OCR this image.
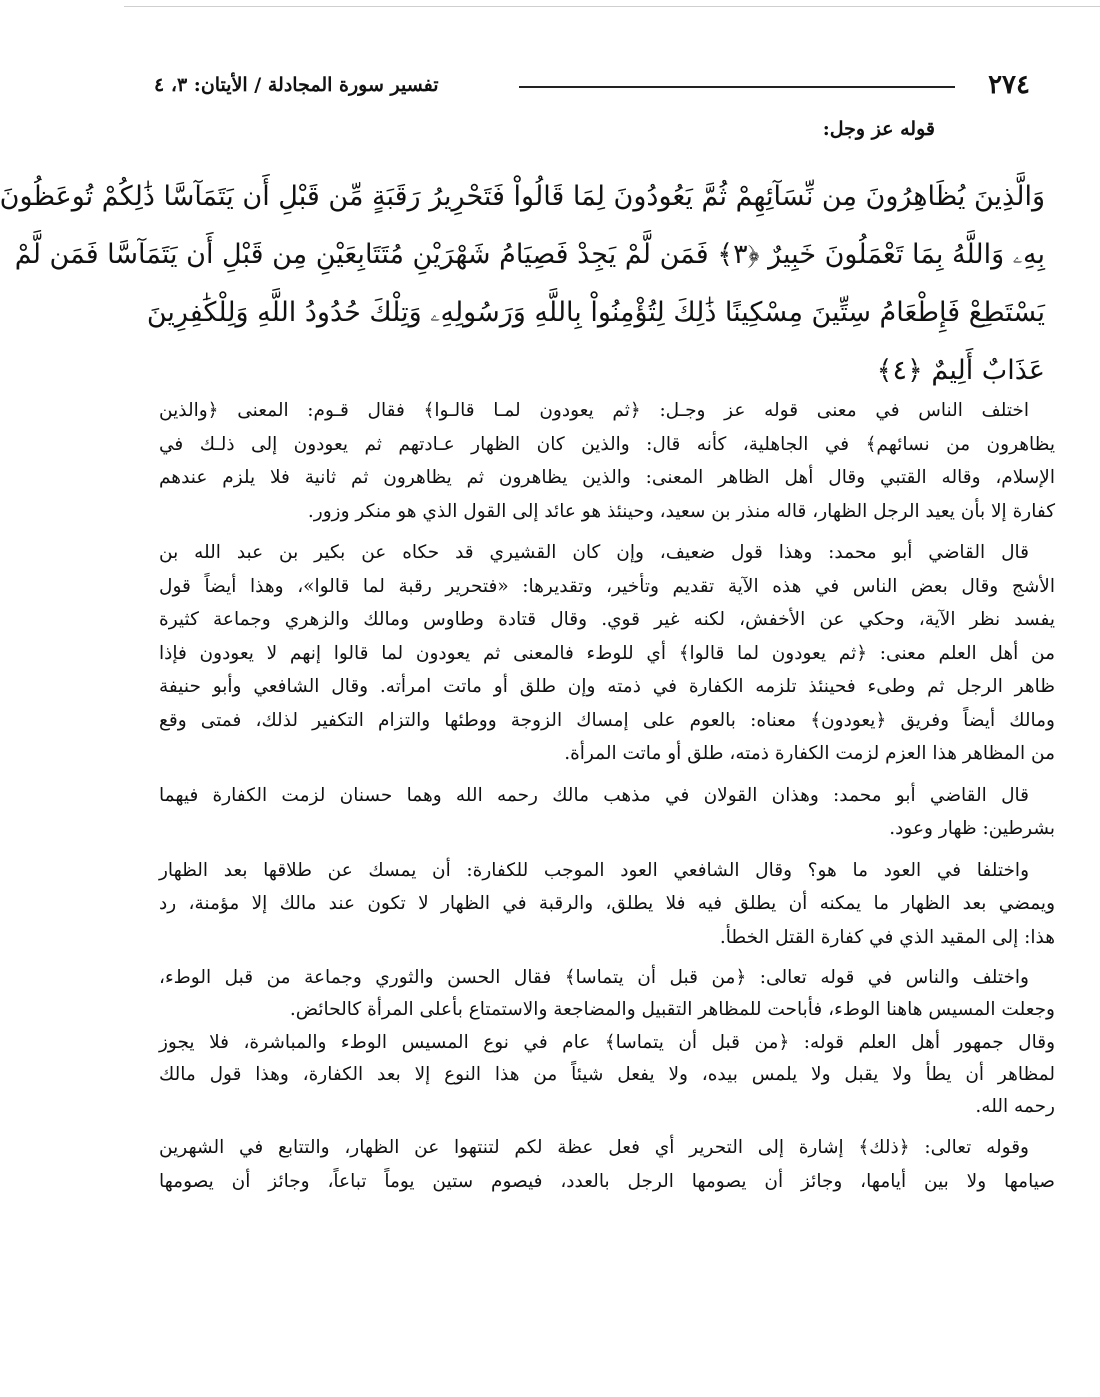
٢٧٤
تفسير سورة المجادلة / الأيتان: ٣، ٤
قوله عز وجل:

وَالَّذِينَ يُظَاهِرُونَ مِن نِّسَآئِهِمْ ثُمَّ يَعُودُونَ لِمَا قَالُواْ فَتَحْرِيرُ رَقَبَةٍ مِّن قَبْلِ أَن يَتَمَآسَّا ذَٰلِكُمْ تُوعَظُونَ

بِهِۦ وَاللَّهُ بِمَا تَعْمَلُونَ خَبِيرٌ ﴿٣﴾ فَمَن لَّمْ يَجِدْ فَصِيَامُ شَهْرَيْنِ مُتَتَابِعَيْنِ مِن قَبْلِ أَن يَتَمَآسَّا فَمَن لَّمْ

يَسْتَطِعْ فَإِطْعَامُ سِتِّينَ مِسْكِينًا ذَٰلِكَ لِتُؤْمِنُواْ بِاللَّهِ وَرَسُولِهِۦ وَتِلْكَ حُدُودُ اللَّهِ وَلِلْكَٰفِرِينَ

عَذَابٌ أَلِيمٌ ﴿٤﴾

اختلف الناس في معنى قوله عز وجـل: ﴿ثم يعودون لمـا قالـوا﴾ فقال قـوم: المعنى ﴿والذين

يظاهرون من نسائهم﴾ في الجاهلية، كأنه قال: والذين كان الظهار عـادتهم ثم يعودون إلى ذلـك في

الإسلام، وقاله القتبي وقال أهل الظاهر المعنى: والذين يظاهرون ثم يظاهرون ثم ثانية فلا يلزم عندهم

كفارة إلا بأن يعيد الرجل الظهار، قاله منذر بن سعيد، وحينئذ هو عائد إلى القول الذي هو منكر وزور.

قال القاضي أبو محمد: وهذا قول ضعيف، وإن كان القشيري قد حكاه عن بكير بن عبد الله بن

الأشج وقال بعض الناس في هذه الآية تقديم وتأخير، وتقديرها: «فتحرير رقبة لما قالوا»، وهذا أيضاً قول

يفسد نظر الآية، وحكي عن الأخفش، لكنه غير قوي. وقال قتادة وطاوس ومالك والزهري وجماعة كثيرة

من أهل العلم معنى: ﴿ثم يعودون لما قالوا﴾ أي للوطء فالمعنى ثم يعودون لما قالوا إنهم لا يعودون فإذا

ظاهر الرجل ثم وطىء فحينئذ تلزمه الكفارة في ذمته وإن طلق أو ماتت امرأته. وقال الشافعي وأبو حنيفة

ومالك أيضاً وفريق ﴿يعودون﴾ معناه: بالعوم على إمساك الزوجة ووطئها والتزام التكفير لذلك، فمتى وقع

من المظاهر هذا العزم لزمت الكفارة ذمته، طلق أو ماتت المرأة.

قال القاضي أبو محمد: وهذان القولان في مذهب مالك رحمه الله وهما حسنان لزمت الكفارة فيهما

بشرطين: ظهار وعود.

واختلفا في العود ما هو؟ وقال الشافعي العود الموجب للكفارة: أن يمسك عن طلاقها بعد الظهار

ويمضي بعد الظهار ما يمكنه أن يطلق فيه فلا يطلق، والرقبة في الظهار لا تكون عند مالك إلا مؤمنة، رد

هذا: إلى المقيد الذي في كفارة القتل الخطأ.

واختلف والناس في قوله تعالى: ﴿من قبل أن يتماسا﴾ فقال الحسن والثوري وجماعة من قبل الوطء،

وجعلت المسيس هاهنا الوطء، فأباحت للمظاهر التقبيل والمضاجعة والاستمتاع بأعلى المرأة كالحائض.

وقال جمهور أهل العلم قوله: ﴿من قبل أن يتماسا﴾ عام في نوع المسيس الوطء والمباشرة، فلا يجوز

لمظاهر أن يطأ ولا يقبل ولا يلمس بيده، ولا يفعل شيئاً من هذا النوع إلا بعد الكفارة، وهذا قول مالك

رحمه الله.

وقوله تعالى: ﴿ذلك﴾ إشارة إلى التحرير أي فعل عظة لكم لتنتهوا عن الظهار، والتتابع في الشهرين

صيامها ولا بين أيامها، وجائز أن يصومها الرجل بالعدد، فيصوم ستين يوماً تباعاً، وجائز أن يصومها
